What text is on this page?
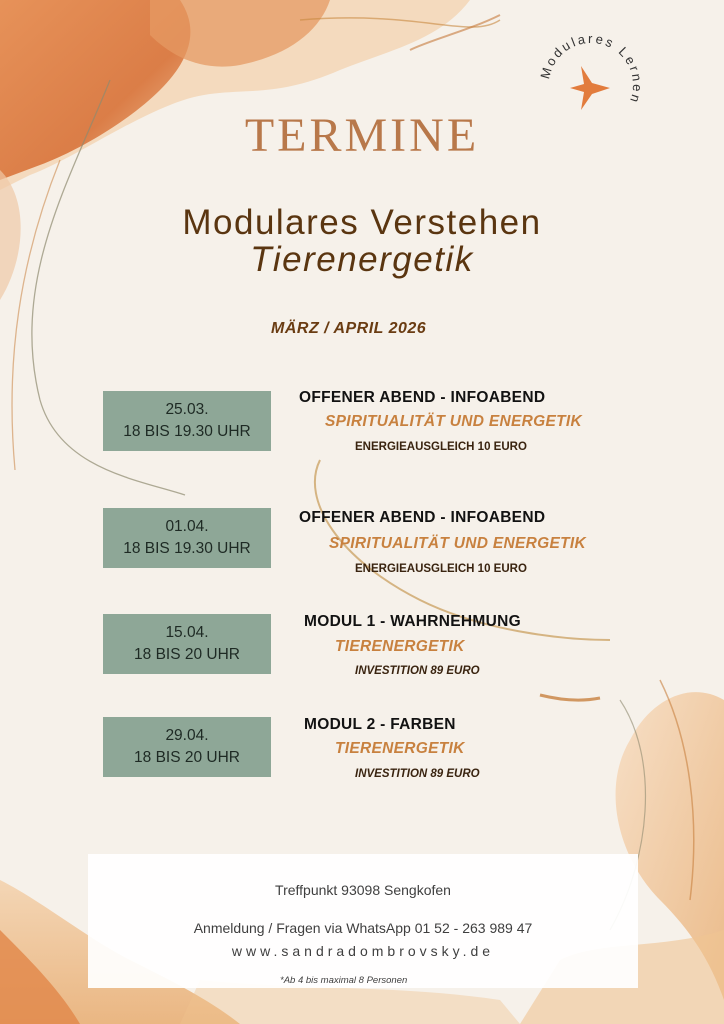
Modulares Lernen
TERMINE
Modulares Verstehen
Tierenergetik
MÄRZ / APRIL 2026
25.03.
18 BIS 19.30 UHR
OFFENER ABEND - INFOABEND
SPIRITUALITÄT UND ENERGETIK
ENERGIEAUSGLEICH 10 EURO
01.04.
18 BIS 19.30 UHR
OFFENER ABEND - INFOABEND
SPIRITUALITÄT UND ENERGETIK
ENERGIEAUSGLEICH 10 EURO
15.04.
18 BIS 20 UHR
MODUL 1 - WAHRNEHMUNG
TIERENERGETIK
INVESTITION 89 EURO
29.04.
18 BIS 20 UHR
MODUL 2 - FARBEN
TIERENERGETIK
INVESTITION 89 EURO
Treffpunkt 93098 Sengkofen
Anmeldung / Fragen via WhatsApp 01 52 - 263 989 47
www.sandradombrovsky.de
*Ab 4 bis maximal 8 Personen
